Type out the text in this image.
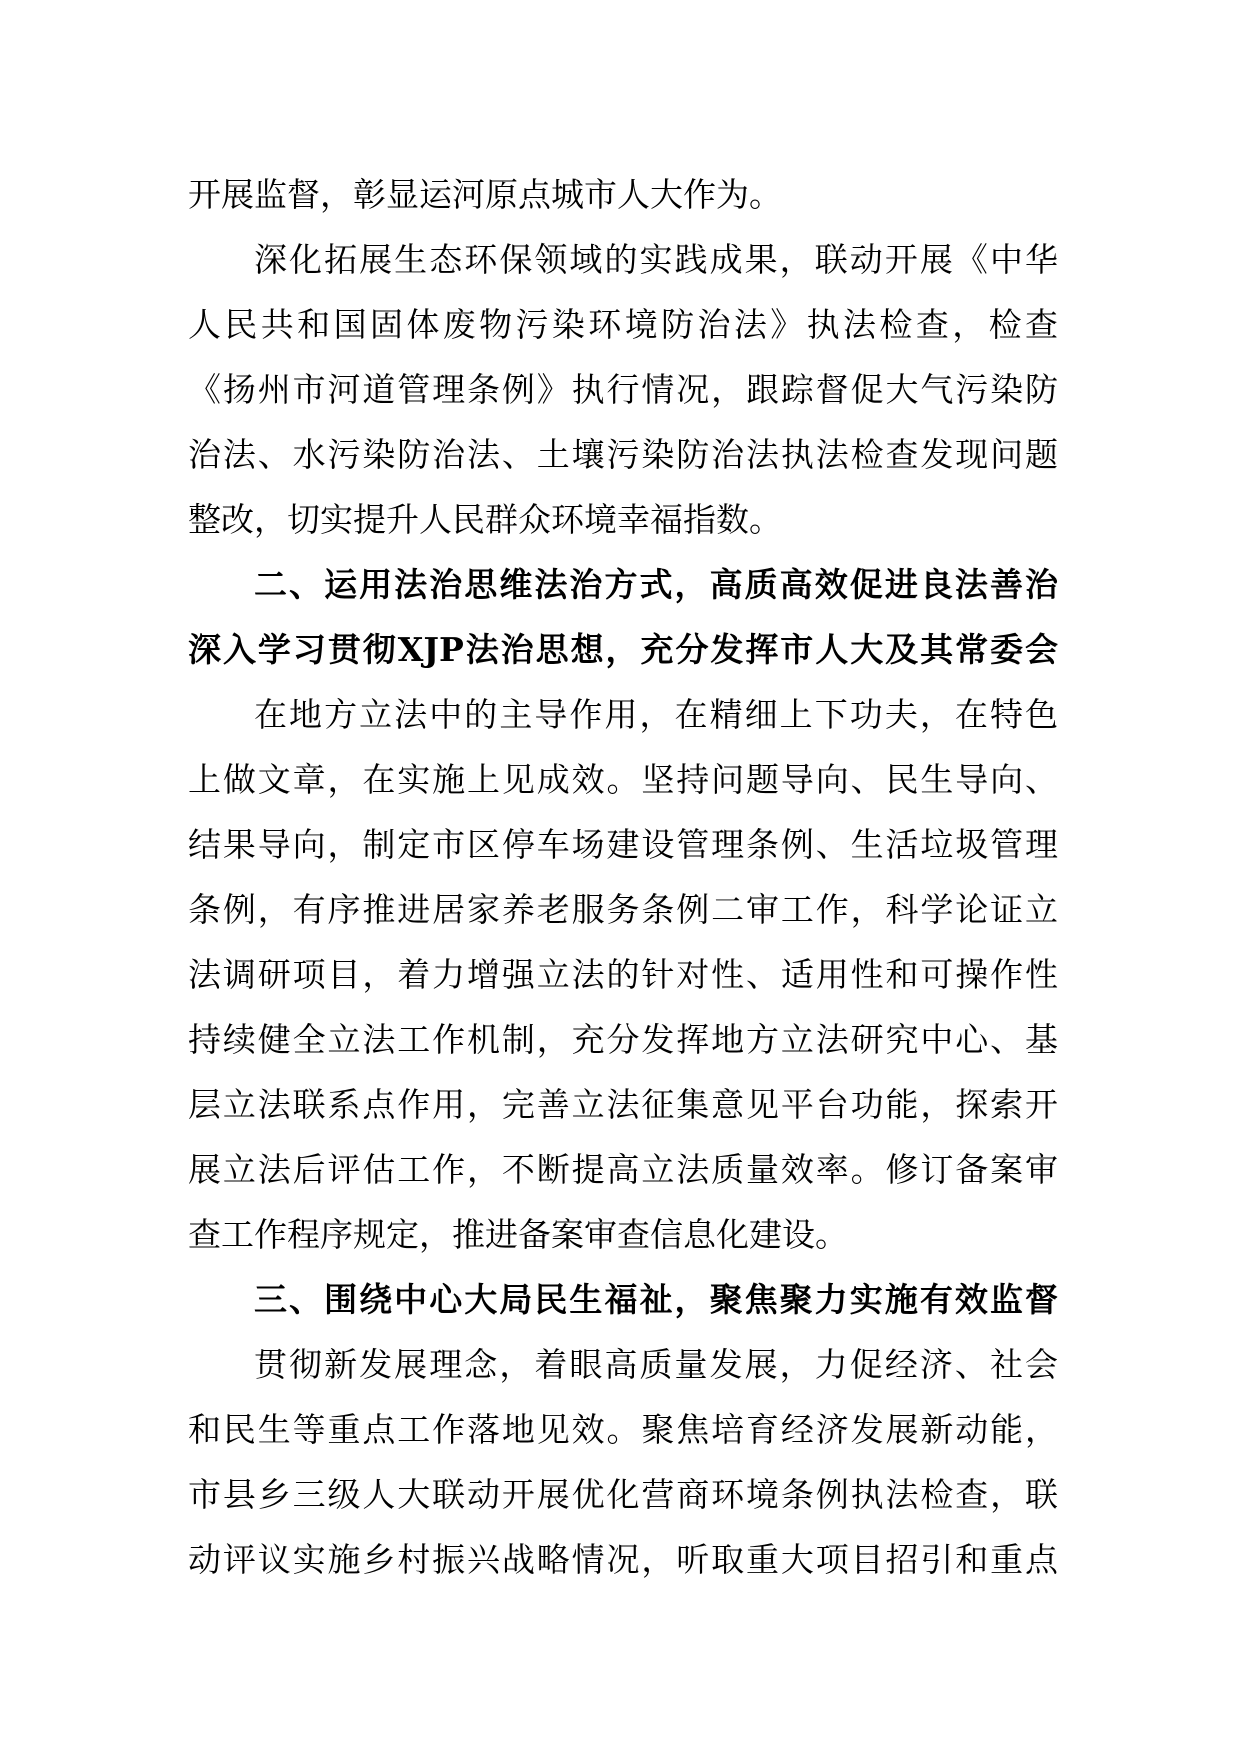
开展监督，彰显运河原点城市人大作为。
深化拓展生态环保领域的实践成果，联动开展《中华
人民共和国固体废物污染环境防治法》执法检查，检查
《扬州市河道管理条例》执行情况，跟踪督促大气污染防
治法、水污染防治法、土壤污染防治法执法检查发现问题
整改，切实提升人民群众环境幸福指数。
二、运用法治思维法治方式，高质高效促进良法善治
深入学习贯彻XJP法治思想，充分发挥市人大及其常委会
在地方立法中的主导作用，在精细上下功夫，在特色
上做文章，在实施上见成效。坚持问题导向、民生导向、
结果导向，制定市区停车场建设管理条例、生活垃圾管理
条例，有序推进居家养老服务条例二审工作，科学论证立
法调研项目，着力增强立法的针对性、适用性和可操作性
持续健全立法工作机制，充分发挥地方立法研究中心、基
层立法联系点作用，完善立法征集意见平台功能，探索开
展立法后评估工作，不断提高立法质量效率。修订备案审
查工作程序规定，推进备案审查信息化建设。
三、围绕中心大局民生福祉，聚焦聚力实施有效监督
贯彻新发展理念，着眼高质量发展，力促经济、社会
和民生等重点工作落地见效。聚焦培育经济发展新动能，
市县乡三级人大联动开展优化营商环境条例执法检查，联
动评议实施乡村振兴战略情况，听取重大项目招引和重点
